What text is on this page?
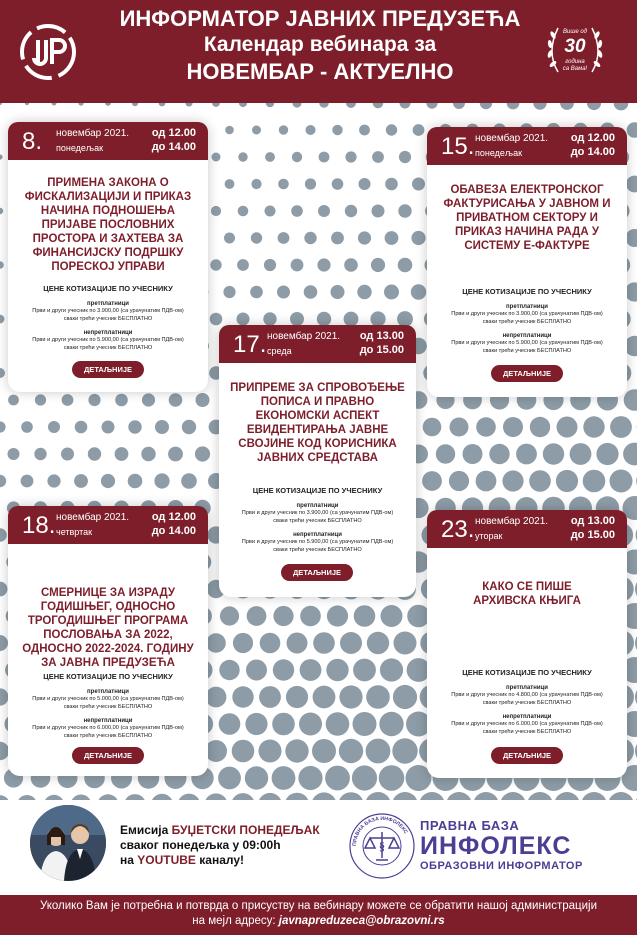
ИНФОРМАТОР ЈАВНИХ ПРЕДУЗЕЋА
Календар вебинара за
НОВЕМБАР - АКТУЕЛНО
Више од
30
година
са Вама!
8. новембар 2021.
понедељак
од 12.00
до 14.00
ПРИМЕНА ЗАКОНА О ФИСКАЛИЗАЦИЈИ И ПРИКАЗ НАЧИНА ПОДНОШЕЊА ПРИЈАВЕ ПОСЛОВНИХ ПРОСТОРА И ЗАХТЕВА ЗА ФИНАНСИЈСКУ ПОДРШКУ ПОРЕСКОЈ УПРАВИ
ЦЕНЕ КОТИЗАЦИЈЕ ПО УЧЕСНИКУ
претплатници
Први и други учесник по 3.900,00 (са урачунатим ПДВ-ом)
сваки трећи учесник БЕСПЛАТНО
непретплатници
Први и други учесник по 5.900,00 (са урачунатим ПДВ-ом)
сваки трећи учесник БЕСПЛАТНО
ДЕТАЉНИЈЕ
15. новембар 2021.
понедељак
од 12.00
до 14.00
ОБАВЕЗА ЕЛЕКТРОНСКОГ ФАКТУРИСАЊА У ЈАВНОМ И ПРИВАТНОМ СЕКТОРУ И ПРИКАЗ НАЧИНА РАДА У СИСТЕМУ Е-ФАКТУРЕ
ЦЕНЕ КОТИЗАЦИЈЕ ПО УЧЕСНИКУ
претплатници
Први и други учесник по 3.900,00 (са урачунатим ПДВ-ом)
сваки трећи учесник БЕСПЛАТНО
непретплатници
Први и други учесник по 5.900,00 (са урачунатим ПДВ-ом)
сваки трећи учесник БЕСПЛАТНО
ДЕТАЉНИЈЕ
17. новембар 2021.
среда
од 13.00
до 15.00
ПРИПРЕМЕ ЗА СПРОВОЂЕЊЕ ПОПИСА И ПРАВНО ЕКОНОМСКИ АСПЕКТ ЕВИДЕНТИРАЊА ЈАВНЕ СВОЈИНЕ КОД КОРИСНИКА ЈАВНИХ СРЕДСТАВА
ЦЕНЕ КОТИЗАЦИЈЕ ПО УЧЕСНИКУ
претплатници
Први и други учесник по 3.900,00 (са урачунатим ПДВ-ом)
сваки трећи учесник БЕСПЛАТНО
непретплатници
Први и други учесник по 5.900,00 (са урачунатим ПДВ-ом)
сваки трећи учесник БЕСПЛАТНО
ДЕТАЉНИЈЕ
18. новембар 2021.
четвртак
од 12.00
до 14.00
СМЕРНИЦЕ ЗА ИЗРАДУ ГОДИШЊЕГ, ОДНОСНО ТРОГОДИШЊЕГ ПРОГРАМА ПОСЛОВАЊА ЗА 2022, ОДНОСНО 2022-2024. ГОДИНУ ЗА ЈАВНА ПРЕДУЗЕЋА
ЦЕНЕ КОТИЗАЦИЈЕ ПО УЧЕСНИКУ
претплатници
Први и други учесник по 5.000,00 (са урачунатим ПДВ-ом)
сваки трећи учесник БЕСПЛАТНО
непретплатници
Први и други учесник по 6.000,00 (са урачунатим ПДВ-ом)
сваки трећи учесник БЕСПЛАТНО
ДЕТАЉНИЈЕ
23. новембар 2021.
уторак
од 13.00
до 15.00
КАКО СЕ ПИШЕ АРХИВСКА КЊИГА
ЦЕНЕ КОТИЗАЦИЈЕ ПО УЧЕСНИКУ
претплатници
Први и други учесник по 4.800,00 (са урачунатим ПДВ-ом)
сваки трећи учесник БЕСПЛАТНО
непретплатници
Први и други учесник по 6.000,00 (са урачунатим ПДВ-ом)
сваки трећи учесник БЕСПЛАТНО
ДЕТАЉНИЈЕ
Емисија БУЏЕТСКИ ПОНЕДЕЉАК
сваког понедељка у 09:00h
на YOUTUBE каналу!
ПРАВНА БАЗА ИНФОЛЕКС
§
ПРАВНА БАЗА
ИНФОЛЕКС
ОБРАЗОВНИ ИНФОРМАТОР
Уколико Вам је потребна и потврда о присуству на вебинару можете се обратити нашој администрацији
на мејл адресу: javnapreduzeca@obrazovni.rs
